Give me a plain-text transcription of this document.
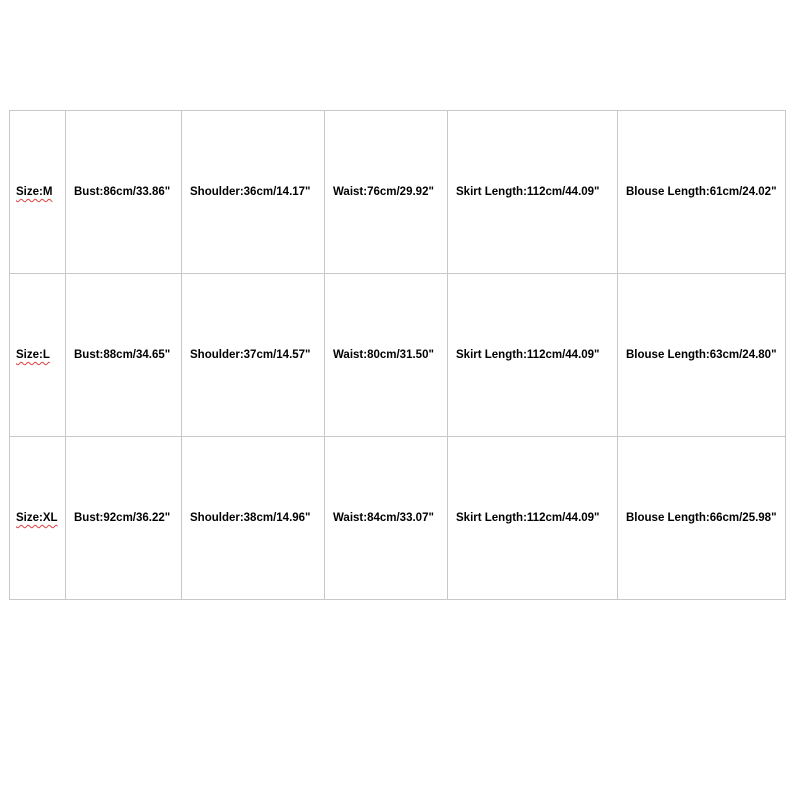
Size:M	Bust:86cm/33.86"	Shoulder:36cm/14.17"	Waist:76cm/29.92"	Skirt Length:112cm/44.09"	Blouse Length:61cm/24.02"
Size:L	Bust:88cm/34.65"	Shoulder:37cm/14.57"	Waist:80cm/31.50"	Skirt Length:112cm/44.09"	Blouse Length:63cm/24.80"
Size:XL	Bust:92cm/36.22"	Shoulder:38cm/14.96"	Waist:84cm/33.07"	Skirt Length:112cm/44.09"	Blouse Length:66cm/25.98"
